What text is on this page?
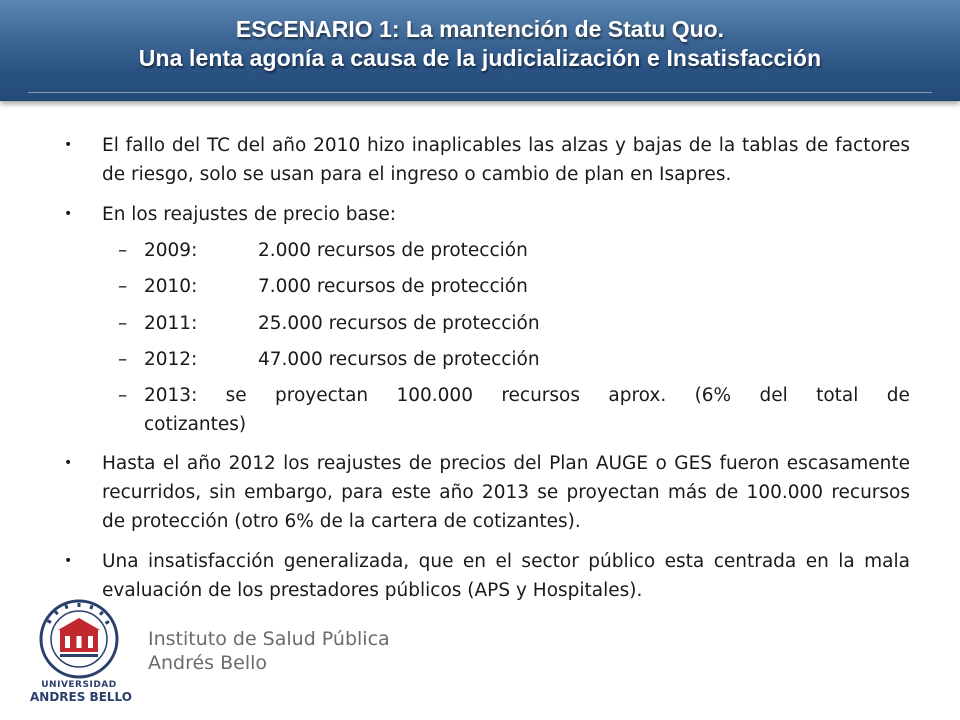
ESCENARIO 1: La mantención de Statu Quo.
Una lenta agonía a causa de la judicialización e Insatisfacción
• El fallo del TC del año 2010 hizo inaplicables las alzas y bajas de la tablas de factores de riesgo, solo se usan para el ingreso o cambio de plan en Isapres.
• En los reajustes de precio base:
– 2009:	2.000 recursos de protección
– 2010:	7.000 recursos de protección
– 2011:	25.000 recursos de protección
– 2012:	47.000 recursos de protección
– 2013: se proyectan 100.000 recursos aprox. (6% del total de
cotizantes)
• Hasta el año 2012 los reajustes de precios del Plan AUGE o GES fueron escasamente recurridos, sin embargo, para este año 2013 se proyectan más de 100.000 recursos de protección (otro 6% de la cartera de cotizantes).
• Una insatisfacción generalizada, que en el sector público esta centrada en la mala evaluación de los prestadores públicos (APS y Hospitales).
UNIVERSIDAD
ANDRES BELLO
Instituto de Salud Pública
Andrés Bello
